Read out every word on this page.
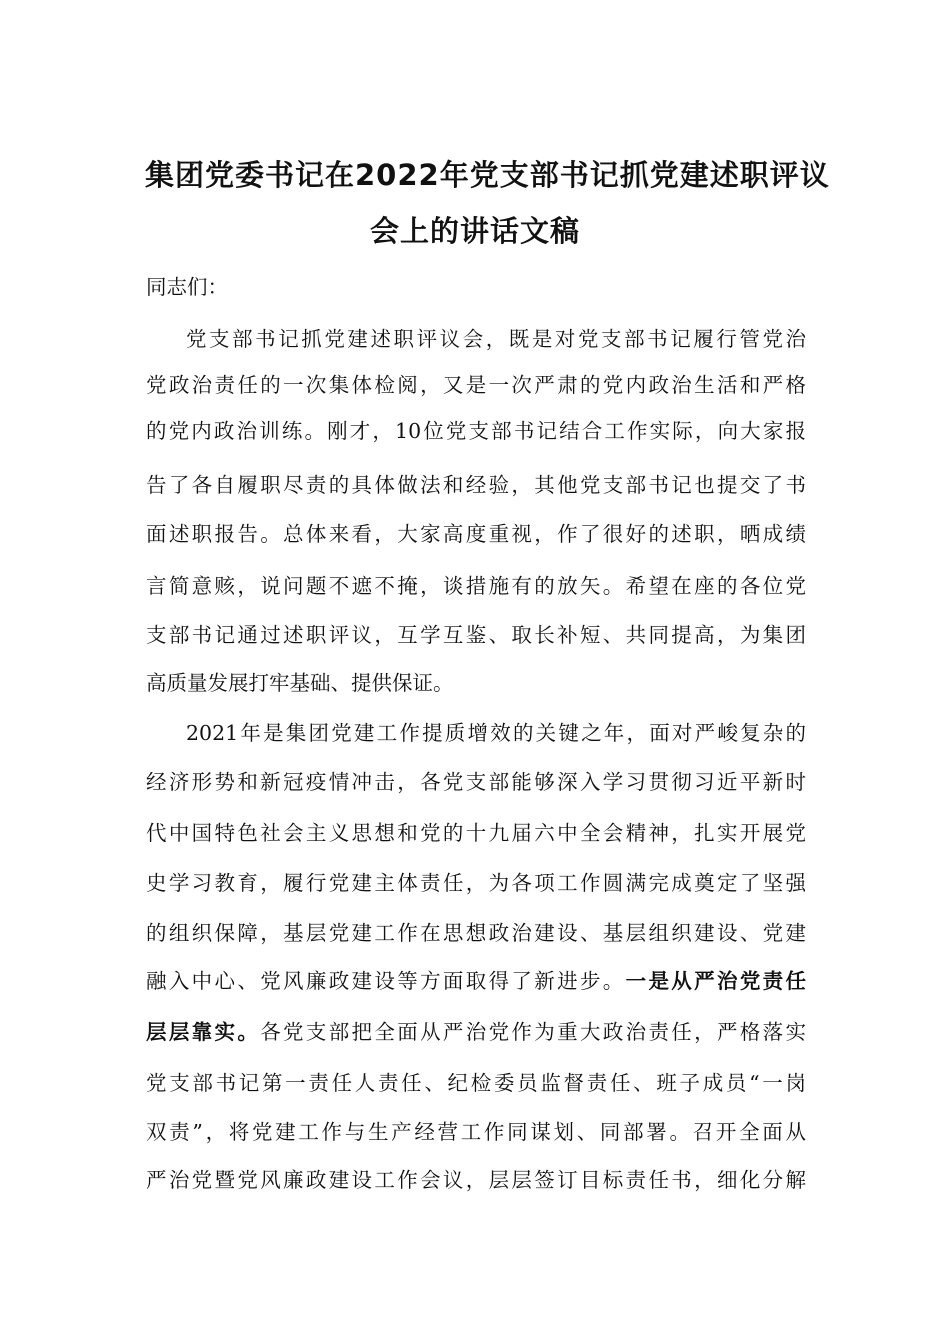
集团党委书记在2022年党支部书记抓党建述职评议
会上的讲话文稿
同志们：
党支部书记抓党建述职评议会，既是对党支部书记履行管党治
党政治责任的一次集体检阅，又是一次严肃的党内政治生活和严格
的党内政治训练。刚才，10位党支部书记结合工作实际，向大家报
告了各自履职尽责的具体做法和经验，其他党支部书记也提交了书
面述职报告。总体来看，大家高度重视，作了很好的述职，晒成绩
言简意赅，说问题不遮不掩，谈措施有的放矢。希望在座的各位党
支部书记通过述职评议，互学互鉴、取长补短、共同提高，为集团
高质量发展打牢基础、提供保证。
2021年是集团党建工作提质增效的关键之年，面对严峻复杂的
经济形势和新冠疫情冲击，各党支部能够深入学习贯彻习近平新时
代中国特色社会主义思想和党的十九届六中全会精神，扎实开展党
史学习教育，履行党建主体责任，为各项工作圆满完成奠定了坚强
的组织保障，基层党建工作在思想政治建设、基层组织建设、党建
融入中心、党风廉政建设等方面取得了新进步。一是从严治党责任
层层靠实。各党支部把全面从严治党作为重大政治责任，严格落实
党支部书记第一责任人责任、纪检委员监督责任、班子成员“一岗
双责”，将党建工作与生产经营工作同谋划、同部署。召开全面从
严治党暨党风廉政建设工作会议，层层签订目标责任书，细化分解
